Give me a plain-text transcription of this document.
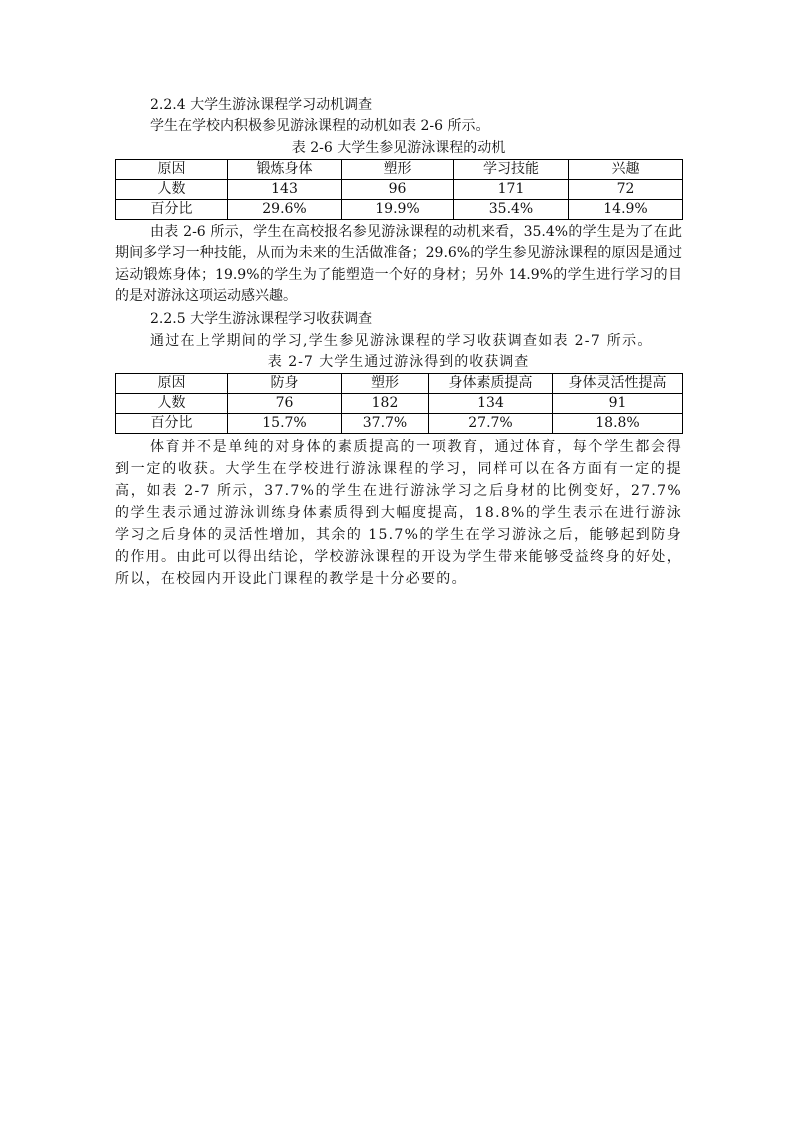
2.2.4 大学生游泳课程学习动机调查

学生在学校内积极参见游泳课程的动机如表 2-6 所示。

表 2-6 大学生参见游泳课程的动机
原因	锻炼身体	塑形	学习技能	兴趣
人数	143	96	171	72
百分比	29.6%	19.9%	35.4%	14.9%

由表 2-6 所示，学生在高校报名参见游泳课程的动机来看，35.4%的学生是为了在此期间多学习一种技能，从而为未来的生活做准备；29.6%的学生参见游泳课程的原因是通过运动锻炼身体；19.9%的学生为了能塑造一个好的身材；另外 14.9%的学生进行学习的目的是对游泳这项运动感兴趣。

2.2.5 大学生游泳课程学习收获调查

通过在上学期间的学习,学生参见游泳课程的学习收获调查如表 2-7 所示。

表 2-7 大学生通过游泳得到的收获调查
原因	防身	塑形	身体素质提高	身体灵活性提高
人数	76	182	134	91
百分比	15.7%	37.7%	27.7%	18.8%

体育并不是单纯的对身体的素质提高的一项教育，通过体育，每个学生都会得到一定的收获。大学生在学校进行游泳课程的学习，同样可以在各方面有一定的提高，如表 2-7 所示，37.7%的学生在进行游泳学习之后身材的比例变好，27.7%的学生表示通过游泳训练身体素质得到大幅度提高，18.8%的学生表示在进行游泳学习之后身体的灵活性增加，其余的 15.7%的学生在学习游泳之后，能够起到防身的作用。由此可以得出结论，学校游泳课程的开设为学生带来能够受益终身的好处，所以，在校园内开设此门课程的教学是十分必要的。
